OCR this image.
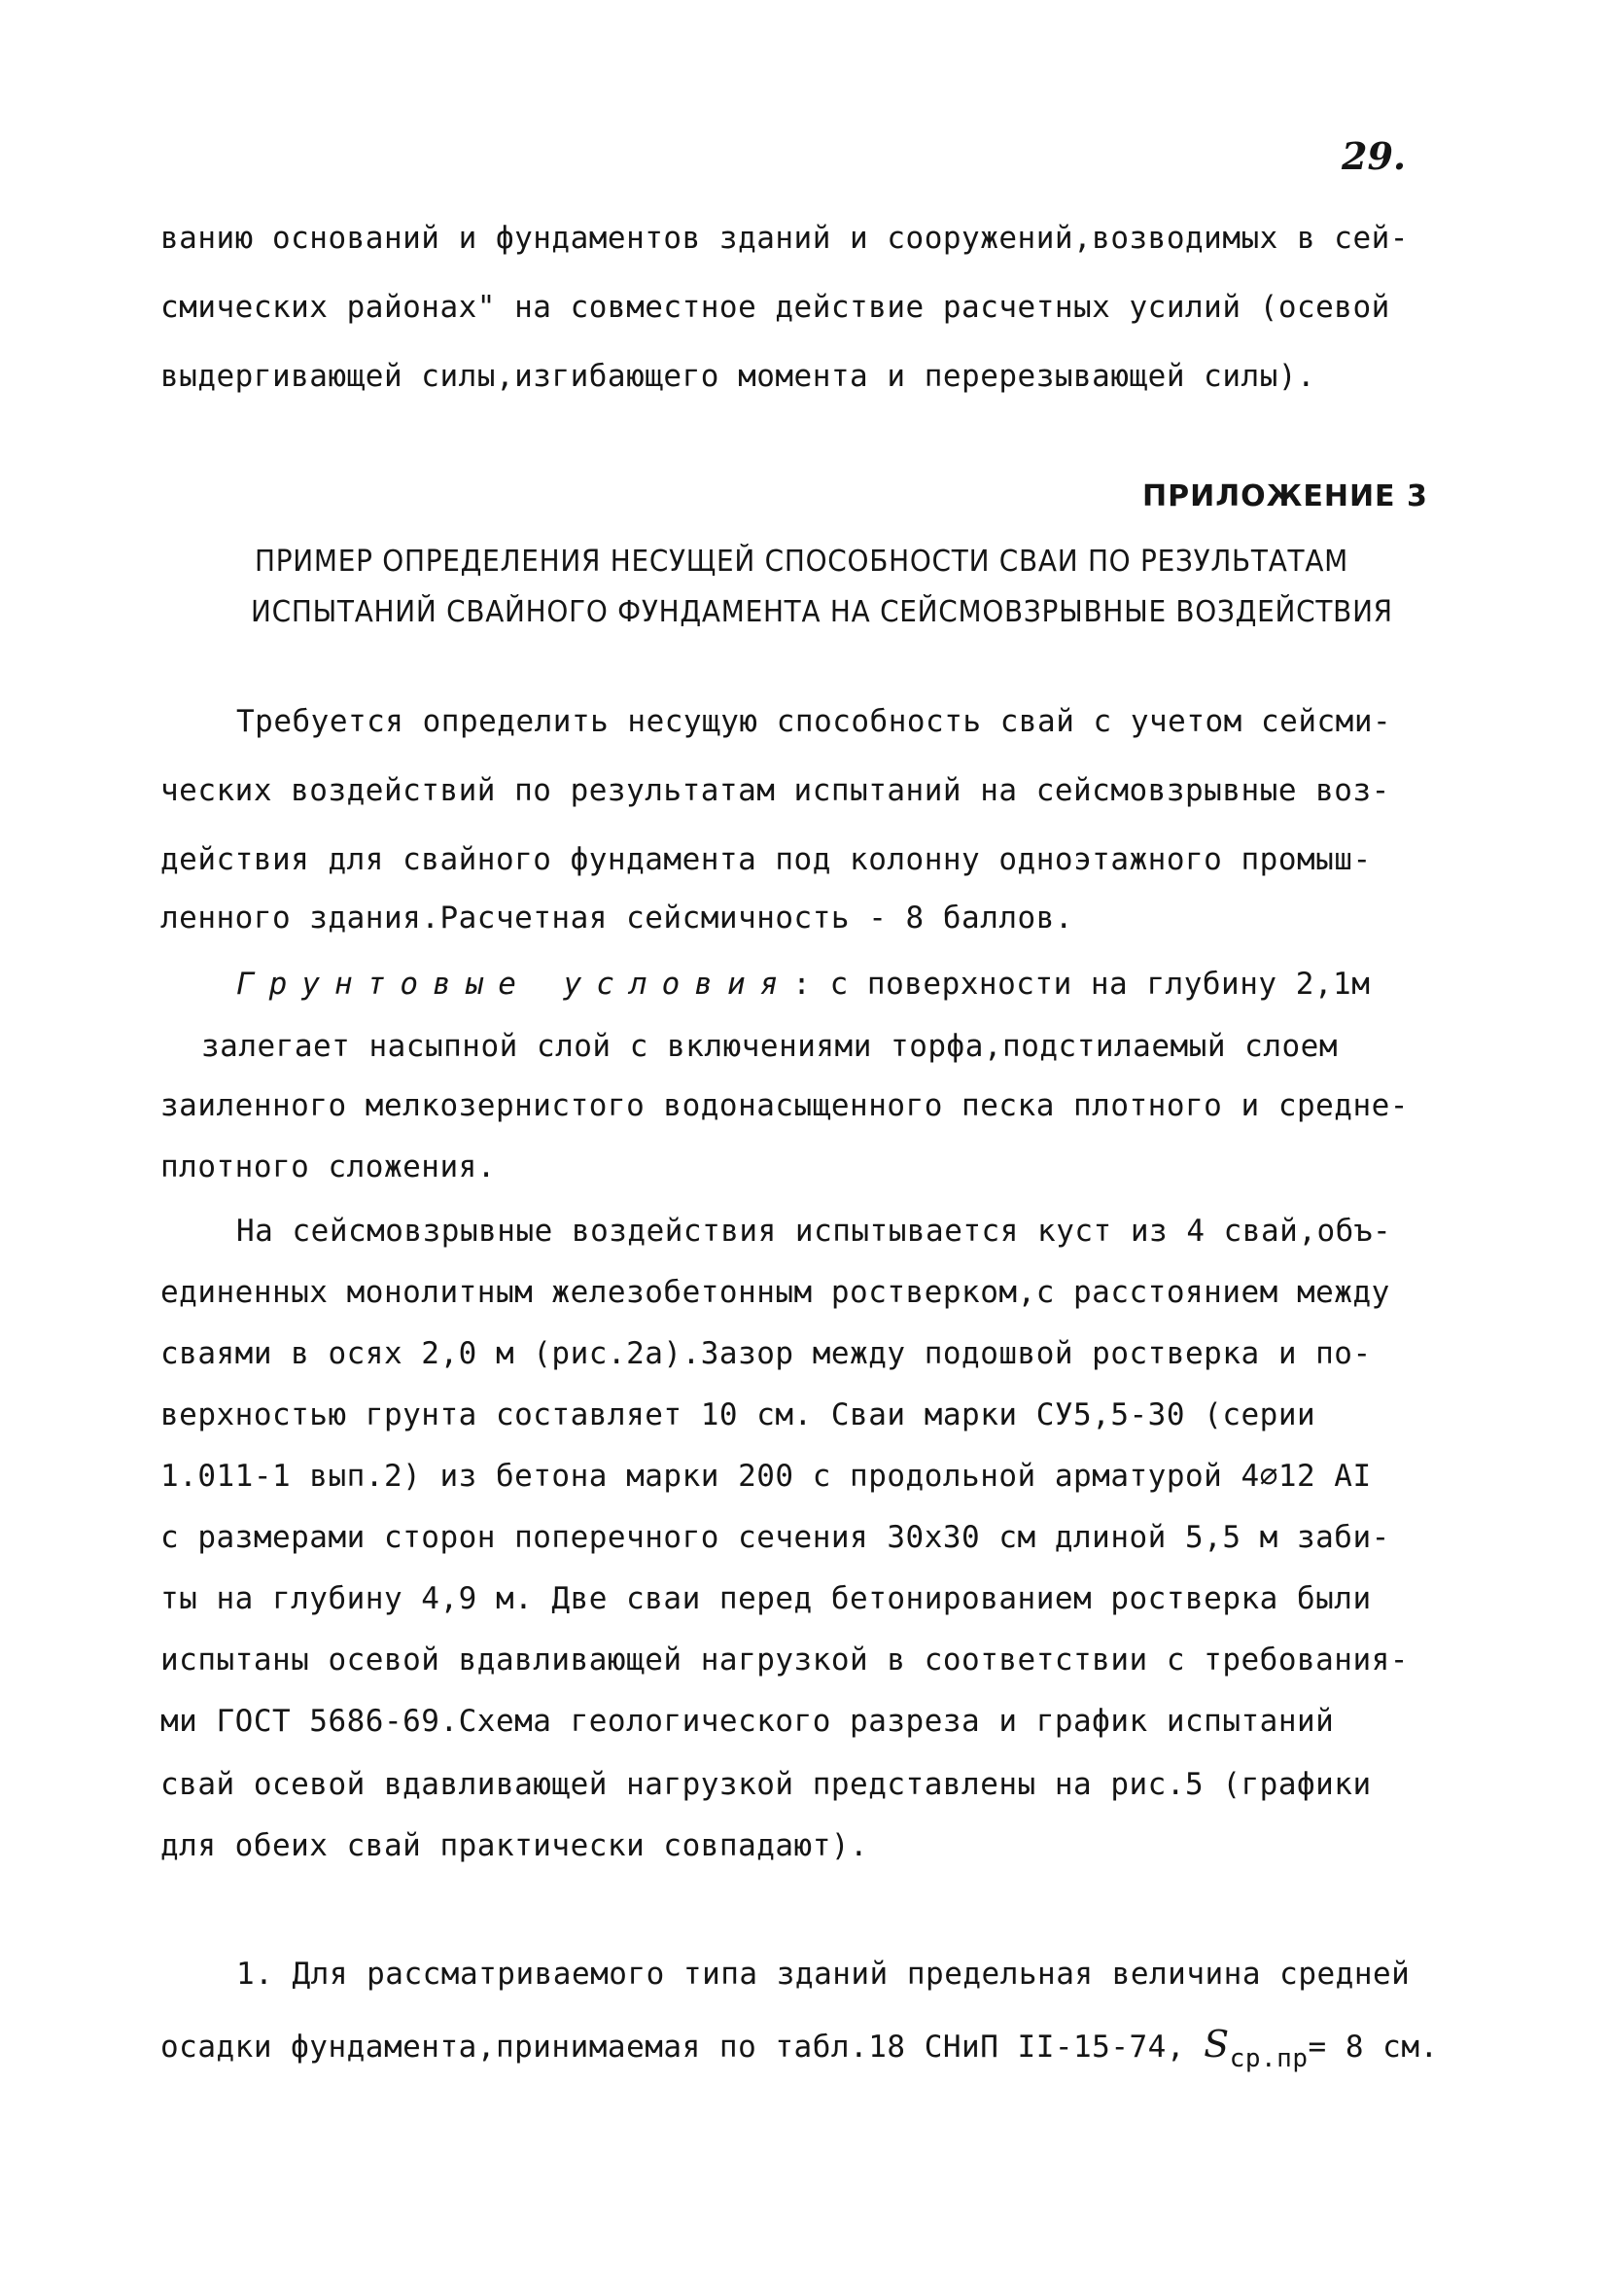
29.
ванию оснований и фундаментов зданий и сооружений,возводимых в сей-
смических районах" на совместное действие расчетных усилий (осевой
выдергивающей силы,изгибающего момента и перерезывающей силы).
ПРИЛОЖЕНИЕ 3
ПРИМЕР ОПРЕДЕЛЕНИЯ НЕСУЩЕЙ СПОСОБНОСТИ СВАИ ПО РЕЗУЛЬТАТАМ
ИСПЫТАНИЙ СВАЙНОГО ФУНДАМЕНТА НА СЕЙСМОВЗРЫВНЫЕ ВОЗДЕЙСТВИЯ
Требуется определить несущую способность свай с учетом сейсми-
ческих воздействий по результатам испытаний на сейсмовзрывные воз-
действия для свайного фундамента под колонну одноэтажного промыш-
ленного здания.Расчетная сейсмичность - 8 баллов.
Грунтовые условия: с поверхности на глубину 2,1м
залегает насыпной слой с включениями торфа,подстилаемый слоем
заиленного мелкозернистого водонасыщенного песка плотного и средне-
плотного сложения.
На сейсмовзрывные воздействия испытывается куст из 4 свай,объ-
единенных монолитным железобетонным ростверком,с расстоянием между
сваями в осях 2,0 м (рис.2а).Зазор между подошвой ростверка и по-
верхностью грунта составляет 10 см. Сваи марки СУ5,5-30 (серии
1.011-1 вып.2) из бетона марки 200 с продольной арматурой 4⌀12 AI
с размерами сторон поперечного сечения 30x30 см длиной 5,5 м заби-
ты на глубину 4,9 м. Две сваи перед бетонированием ростверка были
испытаны осевой вдавливающей нагрузкой в соответствии с требования-
ми ГОСТ 5686-69.Схема геологического разреза и график испытаний
свай осевой вдавливающей нагрузкой представлены на рис.5 (графики
для обеих свай практически совпадают).
1. Для рассматриваемого типа зданий предельная величина средней
осадки фундамента,принимаемая по табл.18 СНиП II-15-74, $S_{ср.пр}= 8$ см.
